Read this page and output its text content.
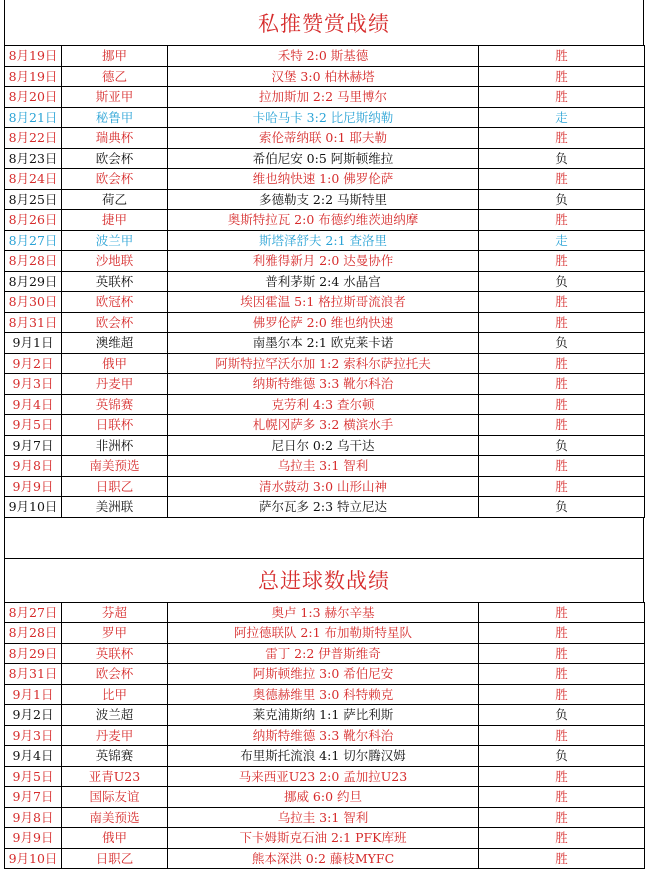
私推赞赏战绩
8月19日	挪甲	禾特 2:0 斯基德	胜
8月19日	德乙	汉堡 3:0 柏林赫塔	胜
8月20日	斯亚甲	拉加斯加 2:2 马里博尔	胜
8月21日	秘鲁甲	卡哈马卡 3:2 比尼斯纳勒	走
8月22日	瑞典杯	索伦蒂纳联 0:1 耶夫勒	胜
8月23日	欧会杯	希伯尼安 0:5 阿斯顿维拉	负
8月24日	欧会杯	维也纳快速 1:0 佛罗伦萨	胜
8月25日	荷乙	多德勒支 2:2 马斯特里	负
8月26日	捷甲	奥斯特拉瓦 2:0 布德约维茨迪纳摩	胜
8月27日	波兰甲	斯塔泽舒夫 2:1 查洛里	走
8月28日	沙地联	利雅得新月 2:0 达曼协作	胜
8月29日	英联杯	普利茅斯 2:4 水晶宫	负
8月30日	欧冠杯	埃因霍温 5:1 格拉斯哥流浪者	胜
8月31日	欧会杯	佛罗伦萨 2:0 维也纳快速	胜
9月1日	澳维超	南墨尔本 2:1 欧克莱卡诺	负
9月2日	俄甲	阿斯特拉罕沃尔加 1:2 索科尔萨拉托夫	胜
9月3日	丹麦甲	纳斯特维德 3:3 靴尔科治	胜
9月4日	英锦赛	克劳利 4:3 查尔顿	胜
9月5日	日联杯	札幌冈萨多 3:2 横滨水手	胜
9月7日	非洲杯	尼日尔 0:2 乌干达	负
9月8日	南美预选	乌拉圭 3:1 智利	胜
9月9日	日职乙	清水鼓动 3:0 山形山神	胜
9月10日	美洲联	萨尔瓦多 2:3 特立尼达	负
总进球数战绩
8月27日	芬超	奥卢 1:3 赫尔辛基	胜
8月28日	罗甲	阿拉德联队 2:1 布加勒斯特星队	胜
8月29日	英联杯	雷丁 2:2 伊普斯维奇	胜
8月31日	欧会杯	阿斯顿维拉 3:0 希伯尼安	胜
9月1日	比甲	奥德赫维里 3:0 科特赖克	胜
9月2日	波兰超	莱克浦斯纳 1:1 萨比利斯	负
9月3日	丹麦甲	纳斯特维德 3:3 靴尔科治	胜
9月4日	英锦赛	布里斯托流浪 4:1 切尔腾汉姆	负
9月5日	亚青U23	马来西亚U23 2:0 孟加拉U23	胜
9月7日	国际友谊	挪威 6:0 约旦	胜
9月8日	南美预选	乌拉圭 3:1 智利	胜
9月9日	俄甲	下卡姆斯克石油 2:1 PFK库班	胜
9月10日	日职乙	熊本深洪 0:2 藤枝MYFC	胜
